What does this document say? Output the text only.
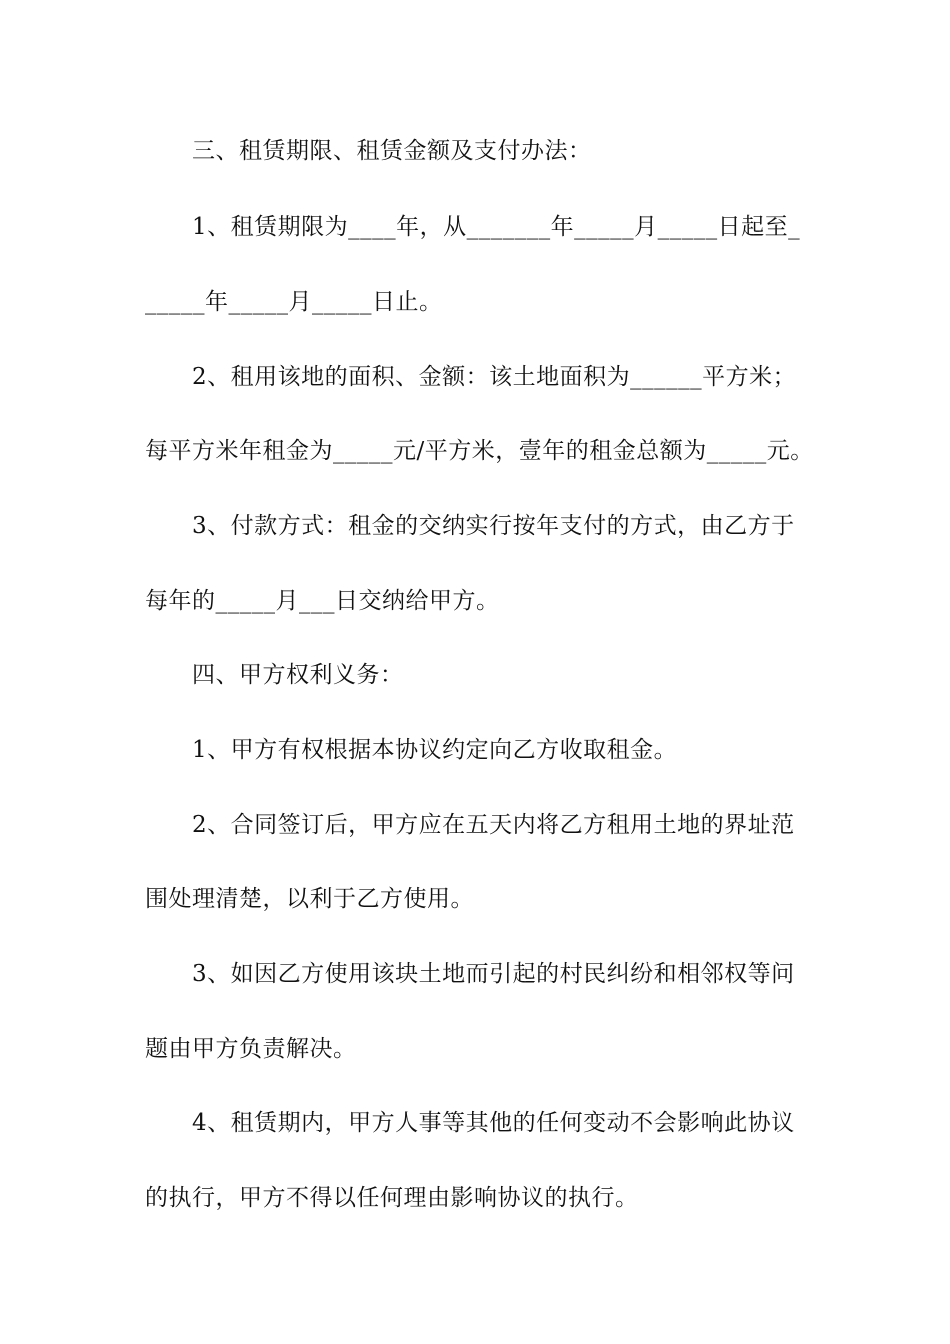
三、租赁期限、租赁金额及支付办法：

1、租赁期限为____年，从_______年_____月_____日起至_

_____年_____月_____日止。

2、租用该地的面积、金额：该土地面积为______平方米；

每平方米年租金为_____元/平方米，壹年的租金总额为_____元。

3、付款方式：租金的交纳实行按年支付的方式，由乙方于

每年的_____月___日交纳给甲方。

四、甲方权利义务：

1、甲方有权根据本协议约定向乙方收取租金。

2、合同签订后，甲方应在五天内将乙方租用土地的界址范

围处理清楚，以利于乙方使用。

3、如因乙方使用该块土地而引起的村民纠纷和相邻权等问

题由甲方负责解决。

4、租赁期内，甲方人事等其他的任何变动不会影响此协议

的执行，甲方不得以任何理由影响协议的执行。
